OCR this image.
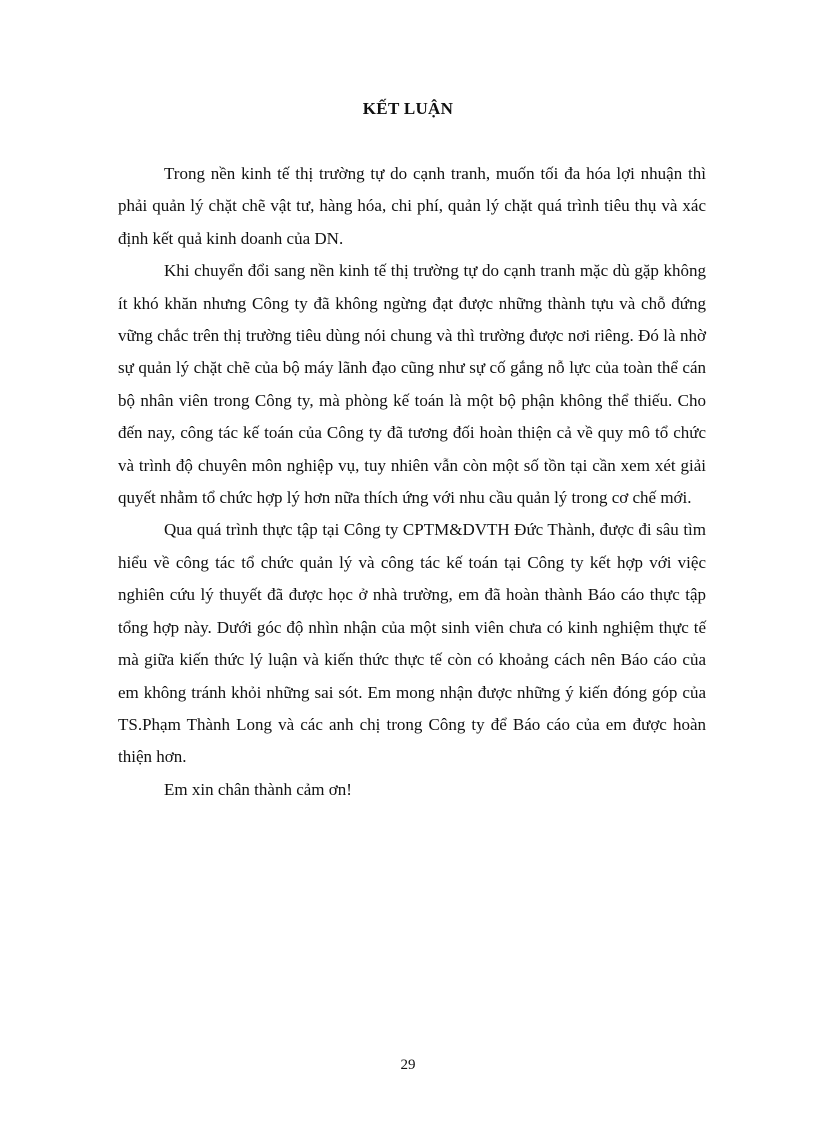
KẾT LUẬN

Trong nền kinh tế thị trường tự do cạnh tranh, muốn tối đa hóa lợi nhuận thì phải quản lý chặt chẽ vật tư, hàng hóa, chi phí, quản lý chặt quá trình tiêu thụ và xác định kết quả kinh doanh của DN.

Khi chuyển đổi sang nền kinh tế thị trường tự do cạnh tranh mặc dù gặp không ít khó khăn nhưng Công ty đã không ngừng đạt được những thành tựu và chỗ đứng vững chắc trên thị trường tiêu dùng nói chung và thì trường được nơi riêng. Đó là nhờ sự quản lý chặt chẽ của bộ máy lãnh đạo cũng như sự cố gắng nỗ lực của toàn thể cán bộ nhân viên trong Công ty, mà phòng kế toán là một bộ phận không thể thiếu. Cho đến nay, công tác kế toán của Công ty đã tương đối hoàn thiện cả về quy mô tổ chức và trình độ chuyên môn nghiệp vụ, tuy nhiên vẫn còn một số tồn tại cần xem xét giải quyết nhằm tổ chức hợp lý hơn nữa thích ứng với nhu cầu quản lý trong cơ chế mới.

Qua quá trình thực tập tại Công ty CPTM&DVTH Đức Thành, được đi sâu tìm hiểu về công tác tổ chức quản lý và công tác kế toán tại Công ty kết hợp với việc nghiên cứu lý thuyết đã được học ở nhà trường, em đã hoàn thành Báo cáo thực tập tổng hợp này. Dưới góc độ nhìn nhận của một sinh viên chưa có kinh nghiệm thực tế mà giữa kiến thức lý luận và kiến thức thực tế còn có khoảng cách nên Báo cáo của em không tránh khỏi những sai sót. Em mong nhận được những ý kiến đóng góp của TS.Phạm Thành Long và các anh chị trong Công ty để Báo cáo của em được hoàn thiện hơn.

Em xin chân thành cảm ơn!

29
